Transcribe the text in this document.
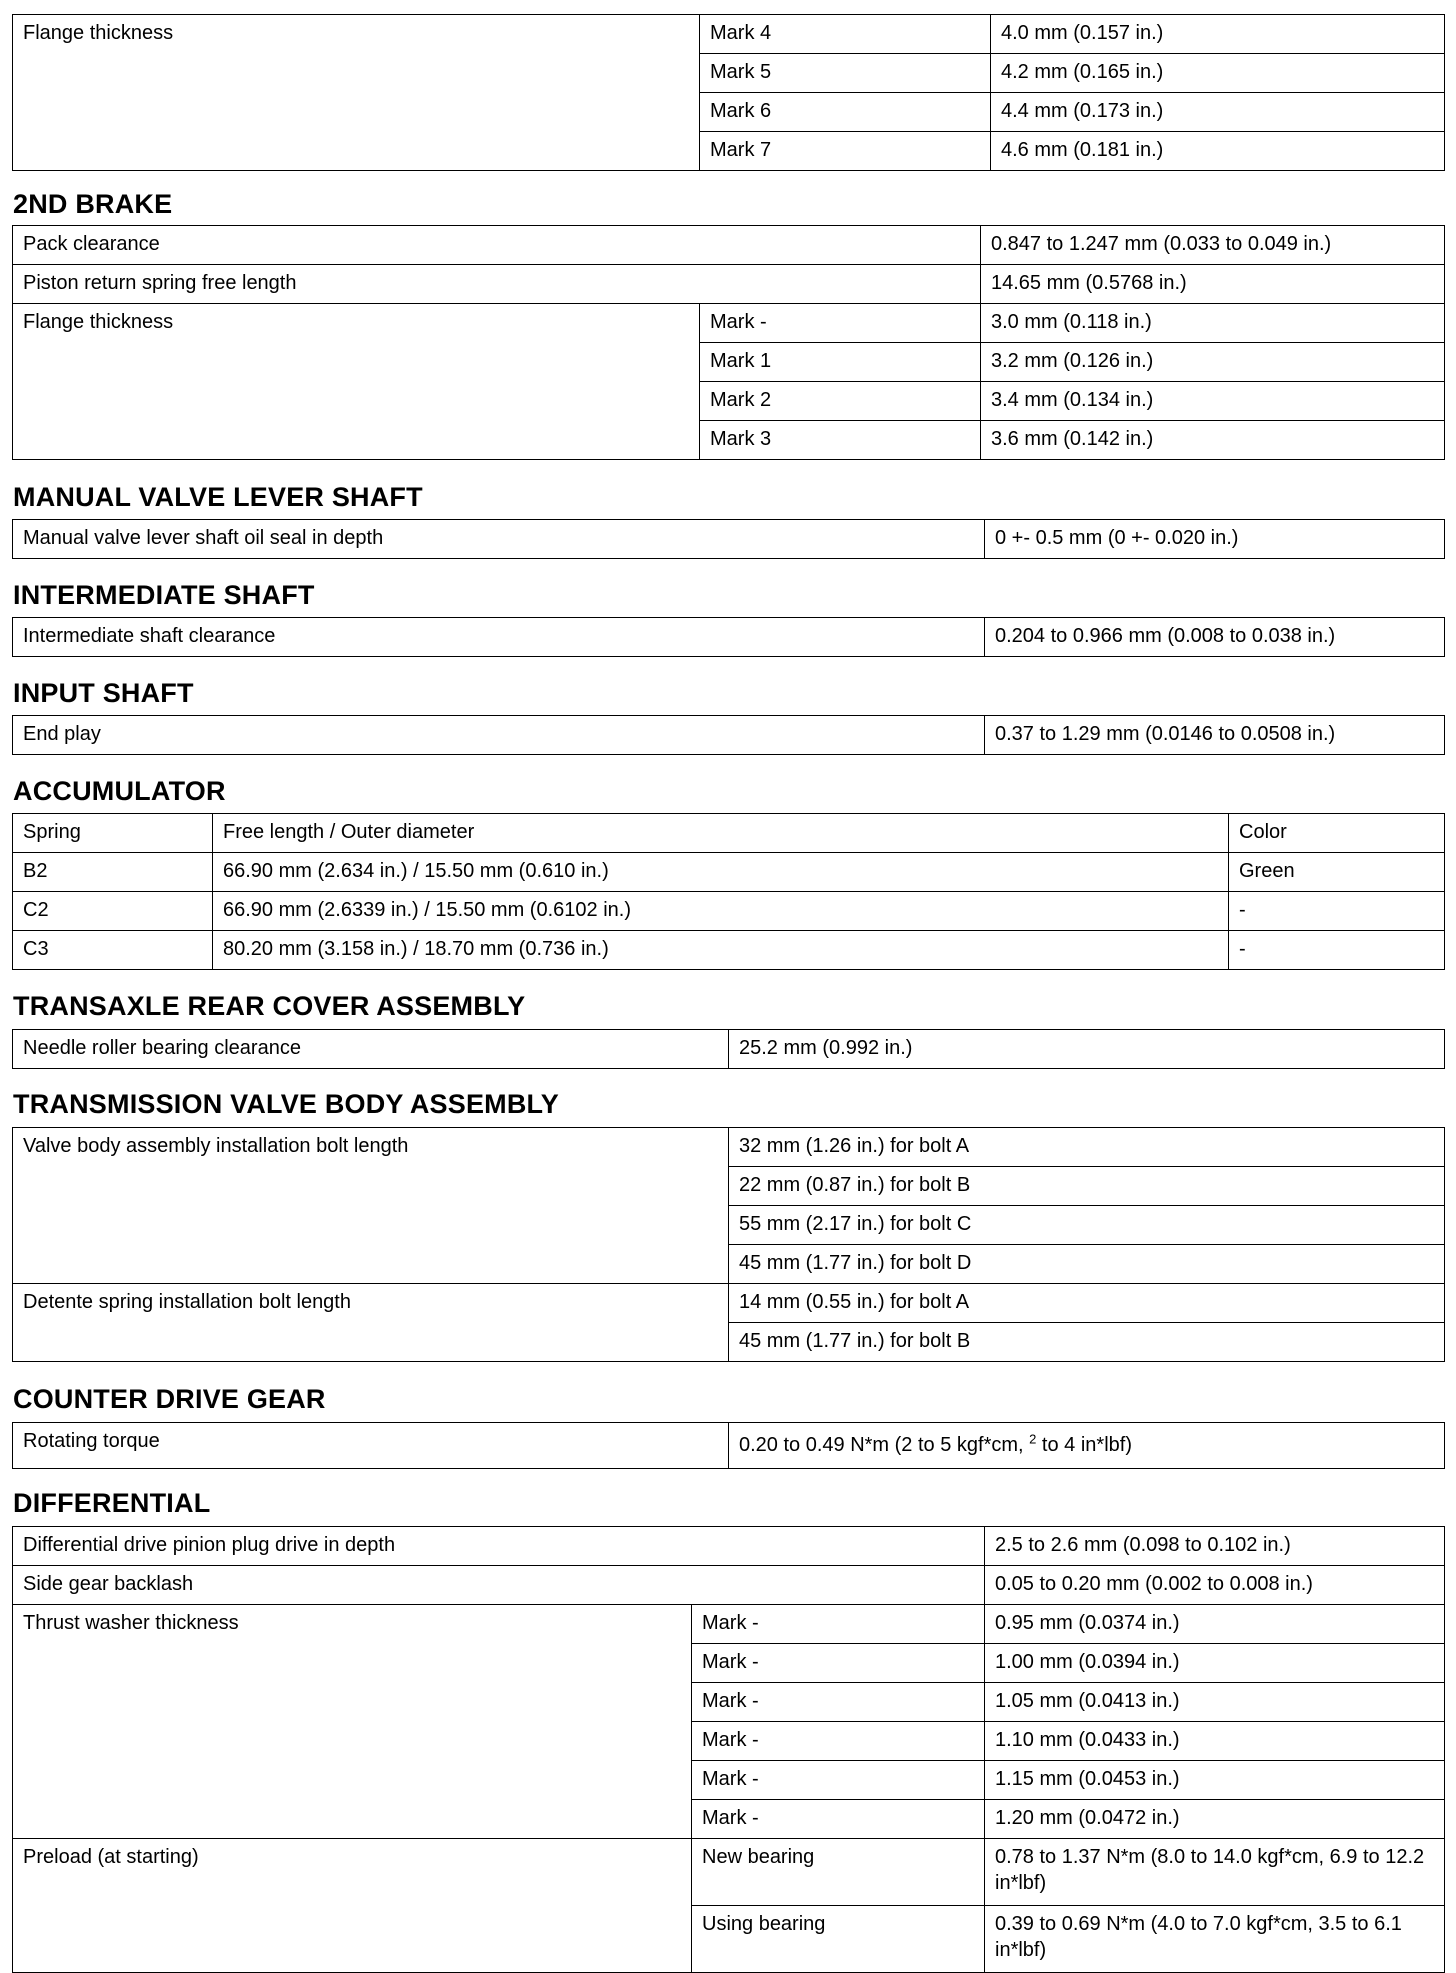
Flange thickness	Mark 4	4.0 mm (0.157 in.)
	Mark 5	4.2 mm (0.165 in.)
	Mark 6	4.4 mm (0.173 in.)
	Mark 7	4.6 mm (0.181 in.)
2ND BRAKE
Pack clearance		0.847 to 1.247 mm (0.033 to 0.049 in.)
Piston return spring free length		14.65 mm (0.5768 in.)
Flange thickness	Mark -	3.0 mm (0.118 in.)
	Mark 1	3.2 mm (0.126 in.)
	Mark 2	3.4 mm (0.134 in.)
	Mark 3	3.6 mm (0.142 in.)
MANUAL VALVE LEVER SHAFT
Manual valve lever shaft oil seal in depth	0 +- 0.5 mm (0 +- 0.020 in.)
INTERMEDIATE SHAFT
Intermediate shaft clearance	0.204 to 0.966 mm (0.008 to 0.038 in.)
INPUT SHAFT
End play	0.37 to 1.29 mm (0.0146 to 0.0508 in.)
ACCUMULATOR
Spring	Free length / Outer diameter	Color
B2	66.90 mm (2.634 in.) / 15.50 mm (0.610 in.)	Green
C2	66.90 mm (2.6339 in.) / 15.50 mm (0.6102 in.)	-
C3	80.20 mm (3.158 in.) / 18.70 mm (0.736 in.)	-
TRANSAXLE REAR COVER ASSEMBLY
Needle roller bearing clearance	25.2 mm (0.992 in.)
TRANSMISSION VALVE BODY ASSEMBLY
Valve body assembly installation bolt length	32 mm (1.26 in.) for bolt A
	22 mm (0.87 in.) for bolt B
	55 mm (2.17 in.) for bolt C
	45 mm (1.77 in.) for bolt D
Detente spring installation bolt length	14 mm (0.55 in.) for bolt A
	45 mm (1.77 in.) for bolt B
COUNTER DRIVE GEAR
Rotating torque	0.20 to 0.49 N*m (2 to 5 kgf*cm, $^2$ to 4 in*lbf)
DIFFERENTIAL
Differential drive pinion plug drive in depth		2.5 to 2.6 mm (0.098 to 0.102 in.)
Side gear backlash		0.05 to 0.20 mm (0.002 to 0.008 in.)
Thrust washer thickness	Mark -	0.95 mm (0.0374 in.)
	Mark -	1.00 mm (0.0394 in.)
	Mark -	1.05 mm (0.0413 in.)
	Mark -	1.10 mm (0.0433 in.)
	Mark -	1.15 mm (0.0453 in.)
	Mark -	1.20 mm (0.0472 in.)
Preload (at starting)	New bearing	0.78 to 1.37 N*m (8.0 to 14.0 kgf*cm, 6.9 to 12.2 in*lbf)
	Using bearing	0.39 to 0.69 N*m (4.0 to 7.0 kgf*cm, 3.5 to 6.1 in*lbf)
